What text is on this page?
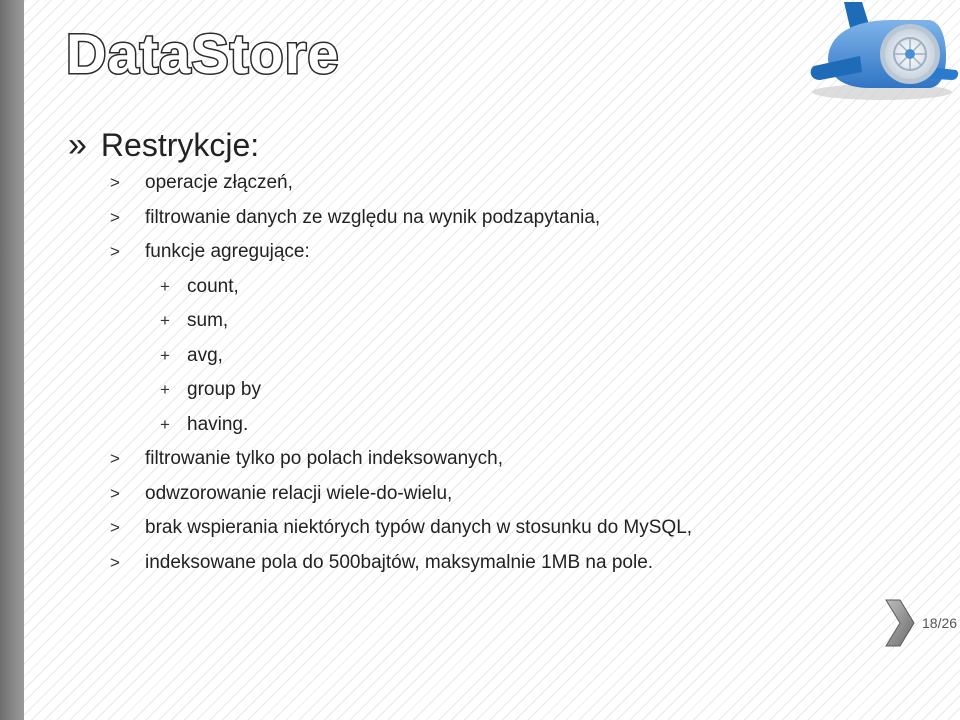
DataStore
» Restrykcje:
>	operacje złączeń,
>	filtrowanie danych ze względu na wynik podzapytania,
>	funkcje agregujące:
+ count,
+ sum,
+ avg,
+ group by
+ having.
>	filtrowanie tylko po polach indeksowanych,
>	odwzorowanie relacji wiele-do-wielu,
>	brak wspierania niektórych typów danych w stosunku do MySQL,
>	indeksowane pola do 500bajtów, maksymalnie 1MB na pole.
18/26
